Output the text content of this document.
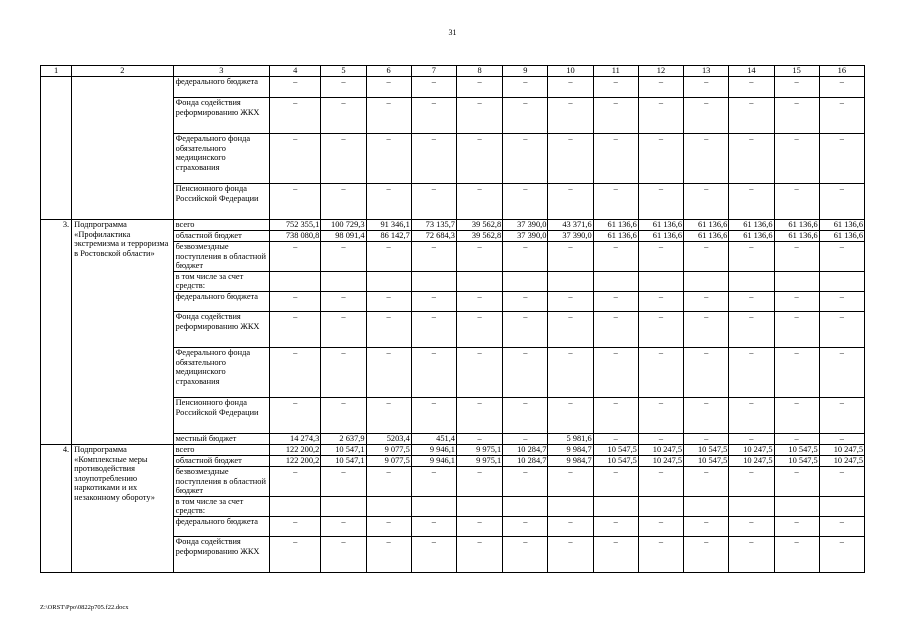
31
1	2	3	4	5	6	7	8	9	10	11	12	13	14	15	16
		федерального бюджета	–	–	–	–	–	–	–	–	–	–	–	–	–
		Фонда содействия реформированию ЖКХ	–	–	–	–	–	–	–	–	–	–	–	–	–
		Федерального фонда обязательного медицинского страхования	–	–	–	–	–	–	–	–	–	–	–	–	–
		Пенсионного фонда Российской Федерации	–	–	–	–	–	–	–	–	–	–	–	–	–
3.	Подпрограмма «Профилактика экстремизма и терроризма в Ростовской области»	всего	752 355,1	100 729,3	91 346,1	73 135,7	39 562,8	37 390,0	43 371,6	61 136,6	61 136,6	61 136,6	61 136,6	61 136,6	61 136,6
		областной бюджет	738 080,8	98 091,4	86 142,7	72 684,3	39 562,8	37 390,0	37 390,0	61 136,6	61 136,6	61 136,6	61 136,6	61 136,6	61 136,6
		безвозмездные поступления в областной бюджет	–	–	–	–	–	–	–	–	–	–	–	–	–
		в том числе за счет средств:													
		федерального бюджета	–	–	–	–	–	–	–	–	–	–	–	–	–
		Фонда содействия реформированию ЖКХ	–	–	–	–	–	–	–	–	–	–	–	–	–
		Федерального фонда обязательного медицинского страхования	–	–	–	–	–	–	–	–	–	–	–	–	–
		Пенсионного фонда Российской Федерации	–	–	–	–	–	–	–	–	–	–	–	–	–
		местный бюджет	14 274,3	2 637,9	5203,4	451,4	–	–	5 981,6	–	–	–	–	–	–
4.	Подпрограмма «Комплексные меры противодействия злоупотреблению наркотиками и их незаконному обороту»	всего	122 200,2	10 547,1	9 077,5	9 946,1	9 975,1	10 284,7	9 984,7	10 547,5	10 247,5	10 547,5	10 247,5	10 547,5	10 247,5
		областной бюджет	122 200,2	10 547,1	9 077,5	9 946,1	9 975,1	10 284,7	9 984,7	10 547,5	10 247,5	10 547,5	10 247,5	10 547,5	10 247,5
		безвозмездные поступления в областной бюджет	–	–	–	–	–	–	–	–	–	–	–	–	–
		в том числе за счет средств:													
		федерального бюджета	–	–	–	–	–	–	–	–	–	–	–	–	–
		Фонда содействия реформированию ЖКХ	–	–	–	–	–	–	–	–	–	–	–	–	–
Z:\ORST\Ppo\0822p705.f22.docx
